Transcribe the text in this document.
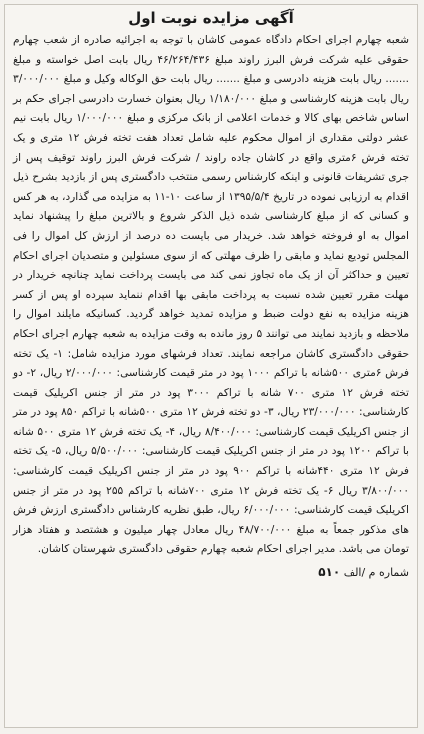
آگهی مزایده نوبت اول

شعبه چهارم اجرای احکام دادگاه عمومی کاشان با توجه به اجرائیه صادره از شعب چهارم حقوقی علیه شرکت فرش البرز راوند مبلغ ۴۶/۲۶۴/۴۳۶ ریال بابت اصل خواسته و مبلغ ....... ریال بابت هزینه دادرسی و مبلغ ....... ریال بابت حق الوکاله وکیل و مبلغ ۳/۰۰۰/۰۰۰ ریال بابت هزینه کارشناسی و مبلغ ۱/۱۸۰/۰۰۰ ریال بعنوان خسارت دادرسی اجرای حکم بر اساس شاخص بهای کالا و خدمات اعلامی از بانک مرکزی و مبلغ ۱/۰۰۰/۰۰۰ ریال بابت نیم عشر دولتی مقداری از اموال محکوم علیه شامل تعداد هفت تخته فرش ۱۲ متری و یک تخته فرش ۶متری واقع در کاشان جاده راوند / شرکت فرش البرز راوند توقیف پس از جری تشریفات قانونی و اینکه کارشناس رسمی منتخب دادگستری پس از بازدید بشرح ذیل اقدام به ارزیابی نموده در تاریخ ۱۳۹۵/۵/۴ از ساعت ۱۰-۱۱ به مزایده می گذارد، به هر کس و کسانی که از مبلغ کارشناسی شده ذیل الذکر شروع و بالاترین مبلغ را پیشنهاد نماید اموال به او فروخته خواهد شد. خریدار می بایست ده درصد از ارزش کل اموال را فی المجلس تودیع نماید و مابقی را ظرف مهلتی که از سوی مسئولین و متصدیان اجرای احکام تعیین و حداکثر آن از یک ماه تجاوز نمی کند می بایست پرداخت نماید چنانچه خریدار در مهلت مقرر تعیین شده نسبت به پرداخت مابقی بها اقدام ننماید سپرده او پس از کسر هزینه مزایده به نفع دولت ضبط و مزایده تمدید خواهد گردید. کسانیکه مایلند اموال را ملاحظه و بازدید نمایند می توانند ۵ روز مانده به وقت مزایده به شعبه چهارم اجرای احکام حقوقی دادگستری کاشان مراجعه نمایند. تعداد فرشهای مورد مزایده شامل: ۱- یک تخته فرش ۶متری ۵۰۰شانه با تراکم ۱۰۰۰ پود در متر قیمت کارشناسی: ۲/۰۰۰/۰۰۰ ریال، ۲- دو تخته فرش ۱۲ متری ۷۰۰ شانه با تراکم ۳۰۰۰ پود در متر از جنس اکریلیک قیمت کارشناسی: ۲۳/۰۰۰/۰۰۰ ریال، ۳- دو تخته فرش ۱۲ متری ۵۰۰شانه با تراکم ۸۵۰ پود در متر از جنس اکریلیک قیمت کارشناسی: ۸/۴۰۰/۰۰۰ ریال، ۴- یک تخته فرش ۱۲ متری ۵۰۰ شانه با تراکم ۱۲۰۰ پود در متر از جنس اکریلیک قیمت کارشناسی: ۵/۵۰۰/۰۰۰ ریال، ۵- یک تخته فرش ۱۲ متری ۴۴۰شانه با تراکم ۹۰۰ پود در متر از جنس اکریلیک قیمت کارشناسی: ۳/۸۰۰/۰۰۰ ریال ۶- یک تخته فرش ۱۲ متری ۷۰۰شانه با تراکم ۲۵۵ پود در متر از جنس اکریلیک قیمت کارشناسی: ۶/۰۰۰/۰۰۰ ریال، طبق نظریه کارشناس دادگستری ارزش فرش های مذکور جمعاً به مبلغ ۴۸/۷۰۰/۰۰۰ ریال معادل چهار میلیون و هشتصد و هفتاد هزار تومان می باشد. مدیر اجرای احکام شعبه چهارم حقوقی دادگستری شهرستان کاشان.

شماره م /الف ۵۱۰
